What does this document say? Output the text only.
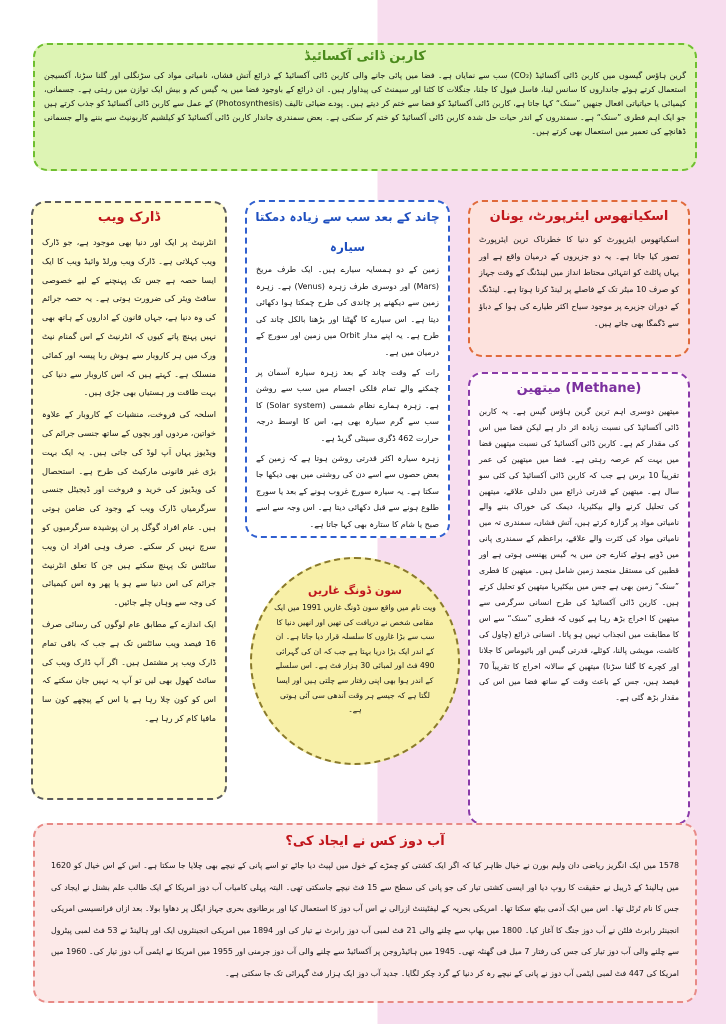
کاربن ڈائی آکسائیڈ

گرین ہاؤس گیسوں میں کاربن ڈائی آکسائیڈ (CO₂) سب سے نمایاں ہے۔ فضا میں پائی جانے والی کاربن ڈائی آکسائیڈ کے ذرائع آتش فشاں، نامیاتی مواد کی سڑنگلی اور گلنا سڑنا، آکسیجن استعمال کرتے ہوئے جانداروں کا سانس لینا، فاسل فیول کا جلنا، جنگلات کا کٹنا اور سیمنٹ کی پیداوار ہیں۔ ان ذرائع کے باوجود فضا میں یہ گیس کم و بیش ایک توازن میں رہتی ہے۔ جسمانی، کیمیائی یا حیاتیاتی افعال جنھیں ”سنک“ کہا جاتا ہے، کاربن ڈائی آکسائیڈ کو فضا سے ختم کر دیتے ہیں۔ پودے ضیائی تالیف (Photosynthesis) کے عمل سے کاربن ڈائی آکسائیڈ کو جذب کرتے ہیں جو ایک اہم فطری ”سنک“ ہے۔ سمندروں کے اندر حیات حل شدہ کاربن ڈائی آکسائیڈ کو ختم کر سکتی ہے۔ بعض سمندری جاندار کاربن ڈائی آکسائیڈ کو کیلشیم کاربونیٹ سے بننے والے جسمانی ڈھانچے کی تعمیر میں استعمال بھی کرتے ہیں۔

ڈارک ویب

انٹرنیٹ پر ایک اور دنیا بھی موجود ہے، جو ڈارک ویب کہلاتی ہے۔ ڈارک ویب ورلڈ وائیڈ ویب کا ایک ایسا حصہ ہے جس تک پہنچنے کے لیے خصوصی سافٹ ویئر کی ضرورت ہوتی ہے۔ یہ حصہ جرائم کی وہ دنیا ہے، جہاں قانون کے اداروں کے ہاتھ بھی نہیں پہنچ پاتے کیوں کہ انٹرنیٹ کے اس گمنام نیٹ ورک میں ہر کاروبار سے ہوش ربا پیسہ اور کمائی منسلک ہے۔ کہتے ہیں کہ اس کاروبار سے دنیا کی بہت طاقت ور ہستیاں بھی جڑی ہیں۔

اسلحہ کی فروخت، منشیات کے کاروبار کے علاوہ خواتین، مردوں اور بچوں کے ساتھ جنسی جرائم کی ویڈیوز یہاں اَپ لوڈ کی جاتی ہیں۔ یہ ایک بہت بڑی غیر قانونی مارکیٹ کی طرح ہے۔ استحصال کی ویڈیوز کی خرید و فروخت اور ڈیجیٹل جنسی سرگرمیاں ڈارک ویب کے وجود کی ضامن ہوتی ہیں۔ عام افراد گوگل پر ان پوشیدہ سرگرمیوں کو سرچ نہیں کر سکتے۔ صرف وہی افراد ان ویب سائٹس تک پہنچ سکتے ہیں جن کا تعلق انٹرنیٹ جرائم کی اس دنیا سے ہو یا پھر وہ اس کیمیائی کی وجہ سے وہاں چلے جائیں۔

ایک اندازے کے مطابق عام لوگوں کی رسائی صرف 16 فیصد ویب سائٹس تک ہے جب کہ باقی تمام ڈارک ویب پر مشتمل ہیں۔ اگر آپ ڈارک ویب کی سائٹ کھول بھی لیں تو آپ یہ نہیں جان سکتے کہ اس کو کون چلا رہا ہے یا اس کے پیچھے کون سا مافیا کام کر رہا ہے۔

چاند کے بعد سب سے زیادہ دمکتا سیارہ

زمین کے دو ہمسایہ سیارے ہیں۔ ایک طرف مریخ (Mars) اور دوسری طرف زہرہ (Venus) ہے۔ زہرہ زمین سے دیکھنے پر چاندی کی طرح چمکتا ہوا دکھائی دیتا ہے۔ اس سیارے کا گھٹنا اور بڑھنا بالکل چاند کی طرح ہے۔ یہ اپنے مدار Orbit میں زمین اور سورج کے درمیان میں ہے۔

رات کے وقت چاند کے بعد زہرہ سیارہ آسمان پر چمکنے والے تمام فلکی اجسام میں سب سے روشن ہے۔ زہرہ ہمارے نظام شمسی (Solar system) کا سب سے گرم سیارہ بھی ہے، اس کا اوسط درجہ حرارت 462 ڈگری سینٹی گریڈ ہے۔

زہرہ سیارہ اکثر قدرتی روشن ہوتا ہے کہ زمین کے بعض حصوں سے اسے دن کی روشنی میں بھی دیکھا جا سکتا ہے۔ یہ سیارہ سورج غروب ہونے کے بعد یا سورج طلوع ہونے سے قبل دکھائی دیتا ہے۔ اس وجہ سے اسے صبح یا شام کا ستارہ بھی کہا جاتا ہے۔

اسکیاتھوس ایئرپورٹ، یونان

اسکیاتھوس ایئرپورٹ کو دنیا کا خطرناک ترین ایئرپورٹ تصور کیا جاتا ہے۔ یہ دو جزیروں کے درمیان واقع ہے اور یہاں پائلٹ کو انتہائی محتاط انداز میں لینڈنگ کے وقت جہاز کو صرف 10 میٹر تک کے فاصلے پر لینڈ کرنا ہوتا ہے۔ لینڈنگ کے دوران جزیرے پر موجود سیاح اکثر طیارے کی ہوا کے دباؤ سے ڈگمگا بھی جاتے ہیں۔

میتھین (Methane)

میتھین دوسری اہم ترین گرین ہاؤس گیس ہے۔ یہ کاربن ڈائی آکسائیڈ کی نسبت زیادہ اثر دار ہے لیکن فضا میں اس کی مقدار کم ہے۔ کاربن ڈائی آکسائیڈ کی نسبت میتھین فضا میں بہت کم عرصہ رہتی ہے۔ فضا میں میتھین کی عمر تقریباً 10 برس ہے جب کہ کاربن ڈائی آکسائیڈ کی کئی سو سال ہے۔ میتھین کے قدرتی ذرائع میں دلدلی علاقے، میتھین کی تحلیل کرنے والے بیکٹیریا، دیمک کی خوراک بننے والے نامیاتی مواد پر گزارہ کرتے ہیں، آتش فشاں، سمندری تہ میں نامیاتی مواد کی کثرت والے علاقے، براعظم کے سمندری پانی میں ڈوبے ہوئے کنارے جن میں یہ گیس پھنسی ہوتی ہے اور قطبین کی مستقل منجمد زمین شامل ہیں۔ میتھین کا فطری ”سنک“ زمین بھی ہے جس میں بیکٹیریا میتھین کو تحلیل کرتے ہیں۔ کاربن ڈائی آکسائیڈ کی طرح انسانی سرگرمی سے میتھین کا اخراج بڑھ رہا ہے کیوں کہ فطری ”سنک“ سے اس کا مطابقت میں انجذاب نہیں ہو پاتا۔ انسانی ذرائع (چاول کی کاشت، مویشی پالنا، کوئلے، قدرتی گیس اور بائیوماس کا جلانا اور کچرے کا گلنا سڑنا) میتھین کے سالانہ اخراج کا تقریباً 70 فیصد ہیں، جس کے باعث وقت کے ساتھ فضا میں اس کی مقدار بڑھ گئی ہے۔

سون ڈونگ غاریں

ویت نام میں واقع سون ڈونگ غاریں 1991 میں ایک مقامی شخص نے دریافت کی تھیں اور انھیں دنیا کا سب سے بڑا غاروں کا سلسلہ قرار دیا جاتا ہے۔ ان کے اندر ایک بڑا دریا بہتا ہے جب کہ ان کی گہرائی 490 فٹ اور لمبائی 30 ہزار فٹ ہے۔ اس سلسلے کے اندر ہوا بھی اپنی رفتار سے چلتی ہیں اور ایسا لگتا ہے کہ جیسے ہر وقت آندھی سی آئی ہوتی ہے۔

آب دوز کس نے ایجاد کی؟

1578 میں ایک انگریز ریاضی دان ولیم بورن نے خیال ظاہر کیا کہ اگر ایک کشتی کو چمڑے کے خول میں لپیٹ دیا جائے تو اسے پانی کے نیچے بھی چلایا جا سکتا ہے۔ اس کے اس خیال کو 1620 میں ہالینڈ کے ڈریبل نے حقیقت کا روپ دیا اور ایسی کشتی تیار کی جو پانی کی سطح سے 15 فٹ نیچے جاسکتی تھی۔ البتہ پہلی کامیاب آب دوز امریکا کے ایک طالب علم بشنل نے ایجاد کی جس کا نام ٹرٹل تھا۔ اس میں ایک آدمی بیٹھ سکتا تھا۔ امریکی بحریہ کے لیفٹیننٹ ازرالی نے اس آب دوز کا استعمال کیا اور برطانوی بحری جہاز ایگل پر دھاوا بولا۔ بعد ازاں فرانسیسی امریکی انجینئر رابرٹ فلٹن نے آب دوز جنگ کا آغاز کیا۔ 1800 میں بھاپ سے چلنے والی 21 فٹ لمبی آب دوز رابرٹ نے تیار کی اور 1894 میں امریکی انجینئروں ایک اور ہالینڈ نے 53 فٹ لمبی پیٹرول سے چلنے والی آب دوز تیار کی جس کی رفتار 7 میل فی گھنٹہ تھی۔ 1945 میں ہائیڈروجن پر آکسائیڈ سے چلنے والی آب دوز جرمنی اور 1955 میں امریکا نے ایٹمی آب دوز تیار کی۔ 1960 میں امریکا کی 447 فٹ لمبی ایٹمی آب دوز نے پانی کے نیچے رہ کر دنیا کے گرد چکر لگایا۔ جدید آب دوز ایک ہزار فٹ گہرائی تک جا سکتی ہے۔
